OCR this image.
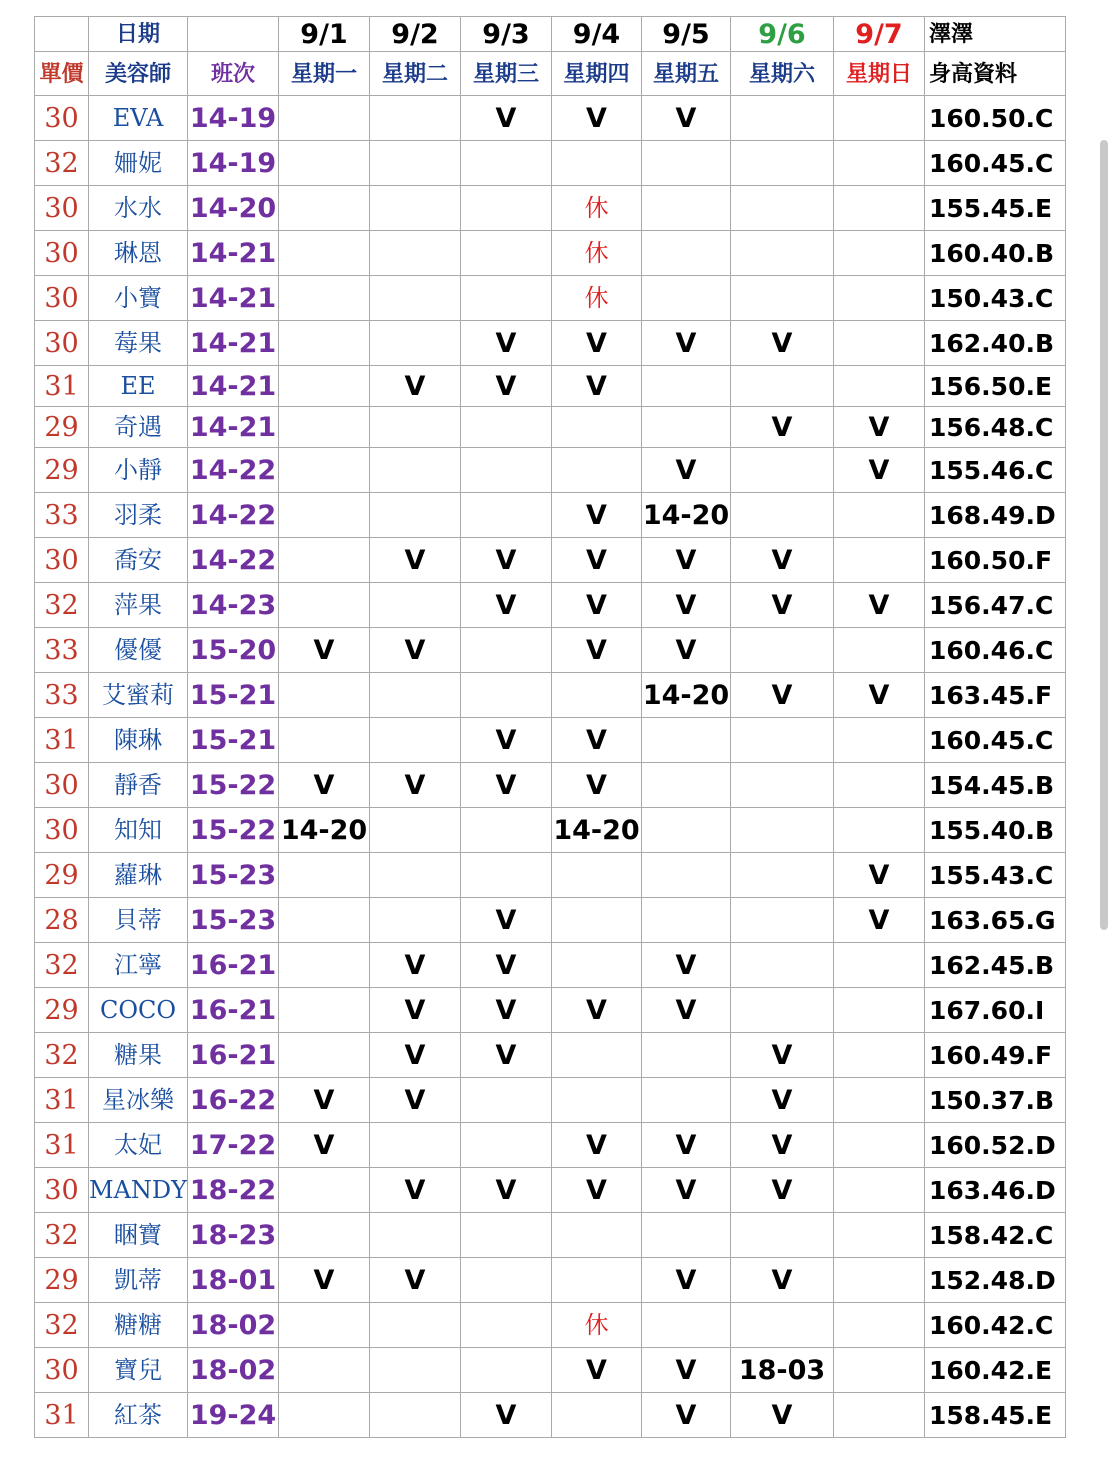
	日期		9/1	9/2	9/3	9/4	9/5	9/6	9/7	澤澤
單價	美容師	班次	星期一	星期二	星期三	星期四	星期五	星期六	星期日	身高資料
30	EVA	14-19			V	V	V			160.50.C
32	姍妮	14-19								160.45.C
30	水水	14-20				休				155.45.E
30	琳恩	14-21				休				160.40.B
30	小寶	14-21				休				150.43.C
30	莓果	14-21			V	V	V	V		162.40.B
31	EE	14-21		V	V	V				156.50.E
29	奇遇	14-21						V	V	156.48.C
29	小靜	14-22					V		V	155.46.C
33	羽柔	14-22				V	14-20			168.49.D
30	喬安	14-22		V	V	V	V	V		160.50.F
32	萍果	14-23			V	V	V	V	V	156.47.C
33	優優	15-20	V	V		V	V			160.46.C
33	艾蜜莉	15-21					14-20	V	V	163.45.F
31	陳琳	15-21			V	V				160.45.C
30	靜香	15-22	V	V	V	V				154.45.B
30	知知	15-22	14-20			14-20				155.40.B
29	蘿琳	15-23							V	155.43.C
28	貝蒂	15-23			V				V	163.65.G
32	江寧	16-21		V	V		V			162.45.B
29	COCO	16-21		V	V	V	V			167.60.I
32	糖果	16-21		V	V			V		160.49.F
31	星冰樂	16-22	V	V				V		150.37.B
31	太妃	17-22	V			V	V	V		160.52.D
30	MANDY	18-22		V	V	V	V	V		163.46.D
32	睏寶	18-23								158.42.C
29	凱蒂	18-01	V	V			V	V		152.48.D
32	糖糖	18-02				休				160.42.C
30	寶兒	18-02				V	V	18-03		160.42.E
31	紅茶	19-24			V		V	V		158.45.E
